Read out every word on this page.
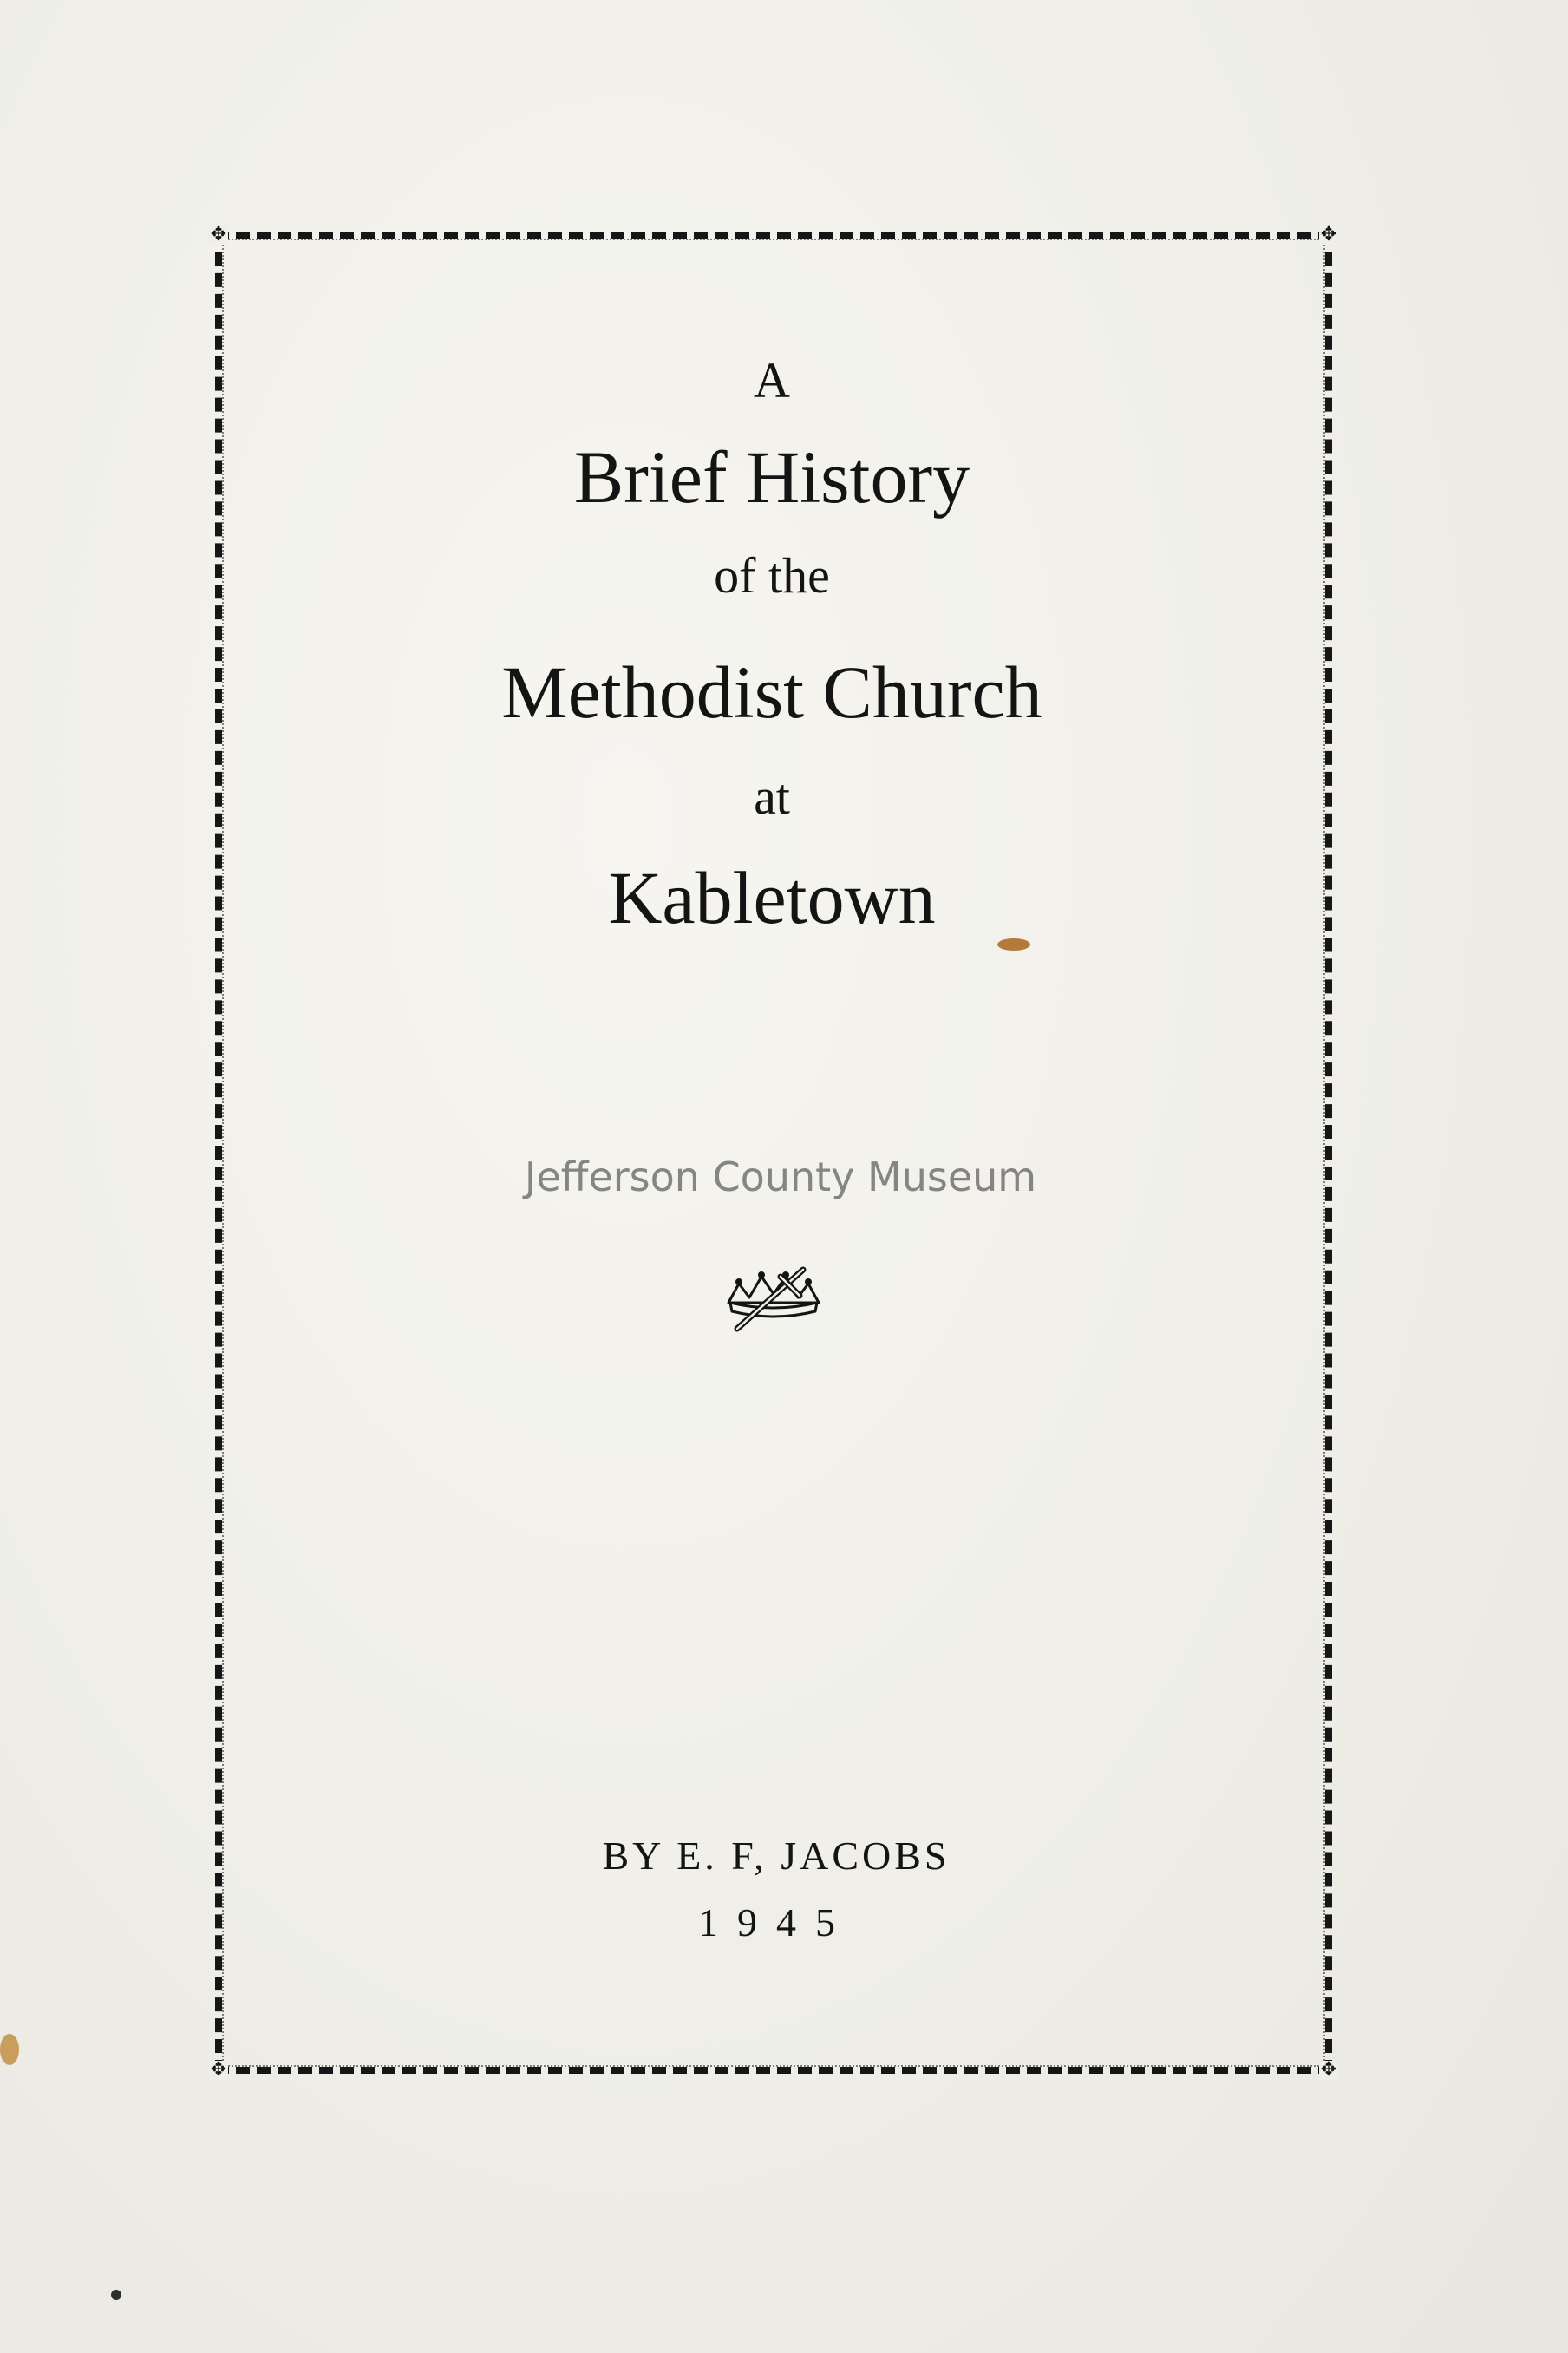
✥	✥
✥	✥
A
Brief History
of the
Methodist Church
at
Kabletown
Jefferson County Museum
BY E. F, JACOBS
1945
